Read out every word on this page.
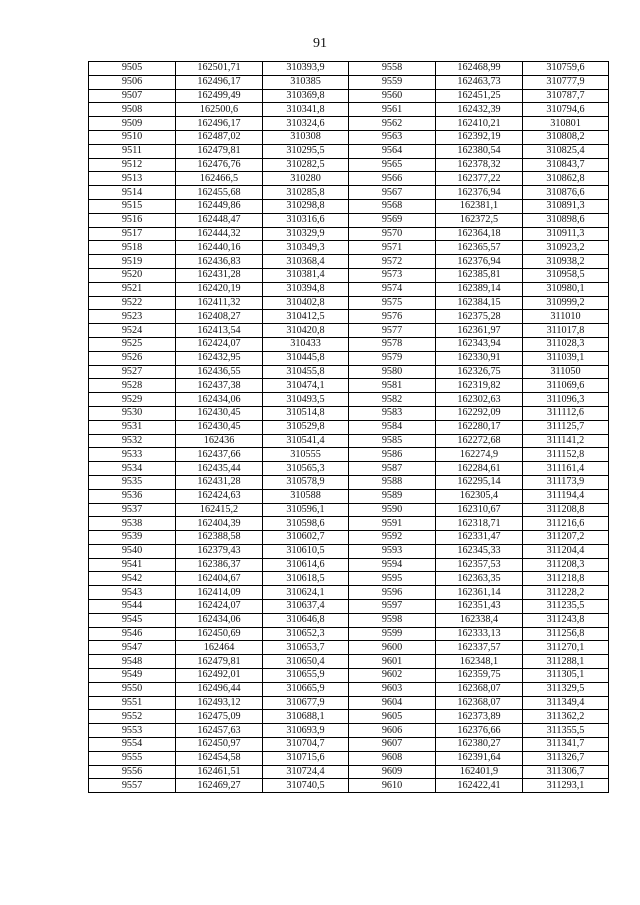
91
9505	162501,71	310393,9	9558	162468,99	310759,6
9506	162496,17	310385	9559	162463,73	310777,9
9507	162499,49	310369,8	9560	162451,25	310787,7
9508	162500,6	310341,8	9561	162432,39	310794,6
9509	162496,17	310324,6	9562	162410,21	310801
9510	162487,02	310308	9563	162392,19	310808,2
9511	162479,81	310295,5	9564	162380,54	310825,4
9512	162476,76	310282,5	9565	162378,32	310843,7
9513	162466,5	310280	9566	162377,22	310862,8
9514	162455,68	310285,8	9567	162376,94	310876,6
9515	162449,86	310298,8	9568	162381,1	310891,3
9516	162448,47	310316,6	9569	162372,5	310898,6
9517	162444,32	310329,9	9570	162364,18	310911,3
9518	162440,16	310349,3	9571	162365,57	310923,2
9519	162436,83	310368,4	9572	162376,94	310938,2
9520	162431,28	310381,4	9573	162385,81	310958,5
9521	162420,19	310394,8	9574	162389,14	310980,1
9522	162411,32	310402,8	9575	162384,15	310999,2
9523	162408,27	310412,5	9576	162375,28	311010
9524	162413,54	310420,8	9577	162361,97	311017,8
9525	162424,07	310433	9578	162343,94	311028,3
9526	162432,95	310445,8	9579	162330,91	311039,1
9527	162436,55	310455,8	9580	162326,75	311050
9528	162437,38	310474,1	9581	162319,82	311069,6
9529	162434,06	310493,5	9582	162302,63	311096,3
9530	162430,45	310514,8	9583	162292,09	311112,6
9531	162430,45	310529,8	9584	162280,17	311125,7
9532	162436	310541,4	9585	162272,68	311141,2
9533	162437,66	310555	9586	162274,9	311152,8
9534	162435,44	310565,3	9587	162284,61	311161,4
9535	162431,28	310578,9	9588	162295,14	311173,9
9536	162424,63	310588	9589	162305,4	311194,4
9537	162415,2	310596,1	9590	162310,67	311208,8
9538	162404,39	310598,6	9591	162318,71	311216,6
9539	162388,58	310602,7	9592	162331,47	311207,2
9540	162379,43	310610,5	9593	162345,33	311204,4
9541	162386,37	310614,6	9594	162357,53	311208,3
9542	162404,67	310618,5	9595	162363,35	311218,8
9543	162414,09	310624,1	9596	162361,14	311228,2
9544	162424,07	310637,4	9597	162351,43	311235,5
9545	162434,06	310646,8	9598	162338,4	311243,8
9546	162450,69	310652,3	9599	162333,13	311256,8
9547	162464	310653,7	9600	162337,57	311270,1
9548	162479,81	310650,4	9601	162348,1	311288,1
9549	162492,01	310655,9	9602	162359,75	311305,1
9550	162496,44	310665,9	9603	162368,07	311329,5
9551	162493,12	310677,9	9604	162368,07	311349,4
9552	162475,09	310688,1	9605	162373,89	311362,2
9553	162457,63	310693,9	9606	162376,66	311355,5
9554	162450,97	310704,7	9607	162380,27	311341,7
9555	162454,58	310715,6	9608	162391,64	311326,7
9556	162461,51	310724,4	9609	162401,9	311306,7
9557	162469,27	310740,5	9610	162422,41	311293,1
